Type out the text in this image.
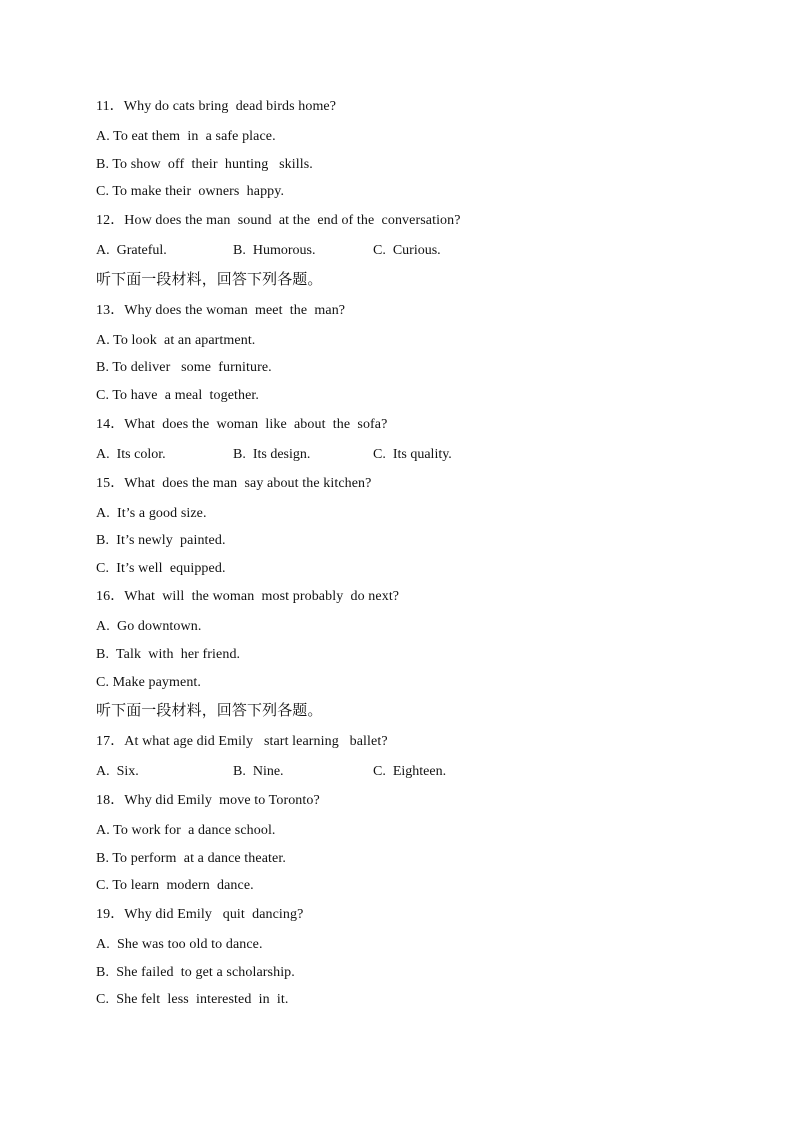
11．Why do cats bring  dead birds home?
A. To eat them  in  a safe place.
B. To show  off  their  hunting   skills.
C. To make their  owners  happy.
12．How does the man  sound  at the  end of the  conversation?
A.  Grateful.	B.  Humorous.	C.  Curious.
听下面一段材料，回答下列各题。
13．Why does the woman  meet  the  man?
A. To look  at an apartment.
B. To deliver   some  furniture.
C. To have  a meal  together.
14．What  does the  woman  like  about  the  sofa?
A.  Its color.	B.  Its design.	C.  Its quality.
15．What  does the man  say about the kitchen?
A.  It’s a good size.
B.  It’s newly  painted.
C.  It’s well  equipped.
16．What  will  the woman  most probably  do next?
A.  Go downtown.
B.  Talk  with  her friend.
C. Make payment.
听下面一段材料，回答下列各题。
17．At what age did Emily   start learning   ballet?
A.  Six.	B.  Nine.	C.  Eighteen.
18．Why did Emily  move to Toronto?
A. To work for  a dance school.
B. To perform  at a dance theater.
C. To learn  modern  dance.
19．Why did Emily   quit  dancing?
A.  She was too old to dance.
B.  She failed  to get a scholarship.
C.  She felt  less  interested  in  it.
